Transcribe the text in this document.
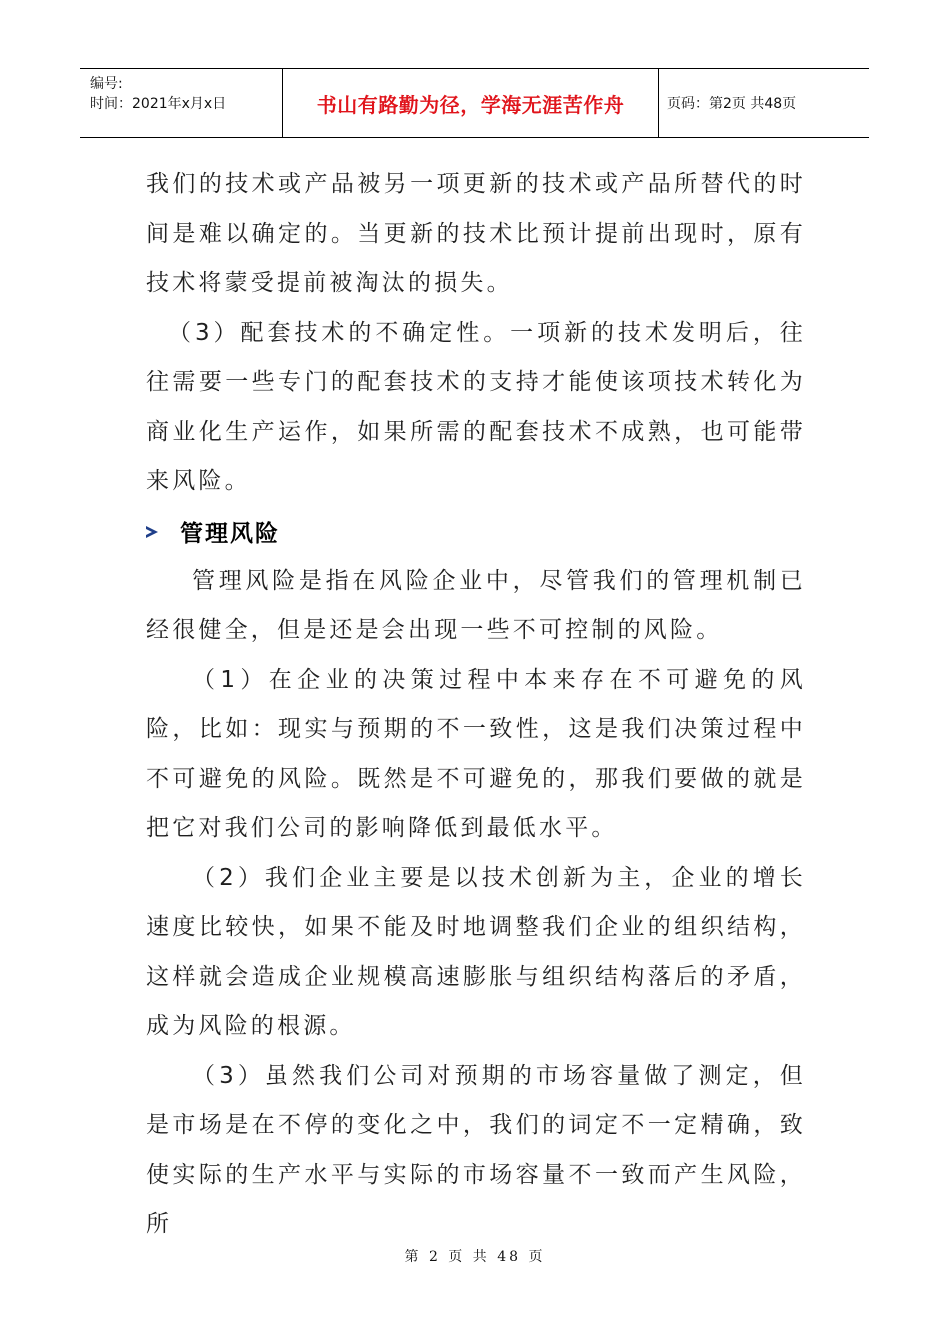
编号:
时间：2021年x月x日	书山有路勤为径，学海无涯苦作舟	页码：第2页 共48页

我们的技术或产品被另一项更新的技术或产品所替代的时间是难以确定的。当更新的技术比预计提前出现时，原有技术将蒙受提前被淘汰的损失。

（3）配套技术的不确定性。一项新的技术发明后，往往需要一些专门的配套技术的支持才能使该项技术转化为商业化生产运作，如果所需的配套技术不成熟，也可能带来风险。

管理风险

管理风险是指在风险企业中，尽管我们的管理机制已经很健全，但是还是会出现一些不可控制的风险。

（1）在企业的决策过程中本来存在不可避免的风险，比如：现实与预期的不一致性，这是我们决策过程中不可避免的风险。既然是不可避免的，那我们要做的就是把它对我们公司的影响降低到最低水平。

（2）我们企业主要是以技术创新为主，企业的增长速度比较快，如果不能及时地调整我们企业的组织结构，这样就会造成企业规模高速膨胀与组织结构落后的矛盾，成为风险的根源。

（3）虽然我们公司对预期的市场容量做了测定，但是市场是在不停的变化之中，我们的词定不一定精确，致使实际的生产水平与实际的市场容量不一致而产生风险，所

第 2 页 共 48 页
